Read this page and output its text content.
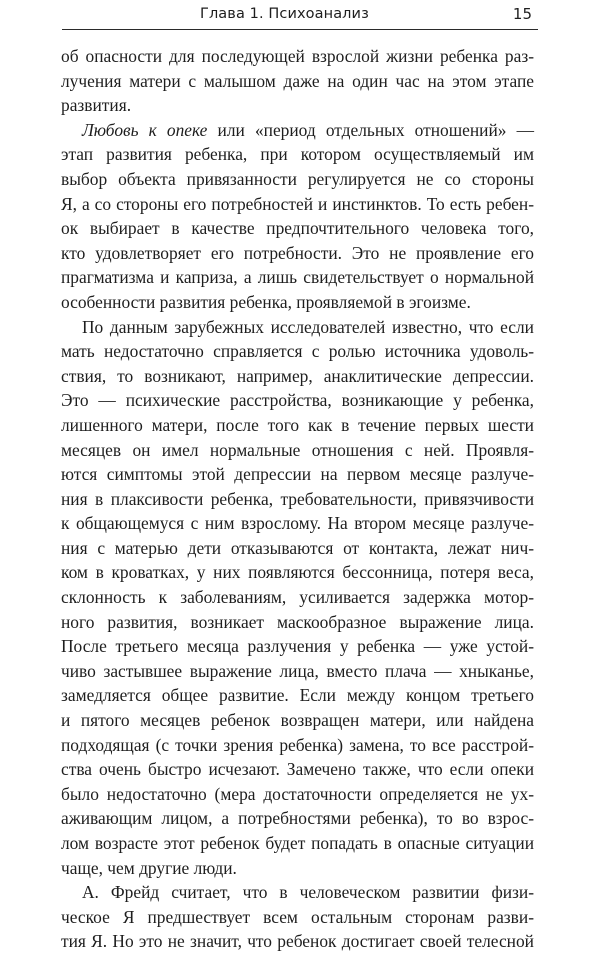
Глава 1. Психоанализ	15
об опасности для последующей взрослой жизни ребенка раз-
лучения матери с малышом даже на один час на этом этапе
развития.
Любовь к опеке или «период отдельных отношений» —
этап развития ребенка, при котором осуществляемый им
выбор объекта привязанности регулируется не со стороны
Я, а со стороны его потребностей и инстинктов. То есть ребен-
ок выбирает в качестве предпочтительного человека того,
кто удовлетворяет его потребности. Это не проявление его
прагматизма и каприза, а лишь свидетельствует о нормальной
особенности развития ребенка, проявляемой в эгоизме.
По данным зарубежных исследователей известно, что если
мать недостаточно справляется с ролью источника удоволь-
ствия, то возникают, например, анаклитические депрессии.
Это — психические расстройства, возникающие у ребенка,
лишенного матери, после того как в течение первых шести
месяцев он имел нормальные отношения с ней. Проявля-
ются симптомы этой депрессии на первом месяце разлуче-
ния в плаксивости ребенка, требовательности, привязчивости
к общающемуся с ним взрослому. На втором месяце разлуче-
ния с матерью дети отказываются от контакта, лежат нич-
ком в кроватках, у них появляются бессонница, потеря веса,
склонность к заболеваниям, усиливается задержка мотор-
ного развития, возникает маскообразное выражение лица.
После третьего месяца разлучения у ребенка — уже устой-
чиво застывшее выражение лица, вместо плача — хныканье,
замедляется общее развитие. Если между концом третьего
и пятого месяцев ребенок возвращен матери, или найдена
подходящая (с точки зрения ребенка) замена, то все расстрой-
ства очень быстро исчезают. Замечено также, что если опеки
было недостаточно (мера достаточности определяется не ух-
аживающим лицом, а потребностями ребенка), то во взрос-
лом возрасте этот ребенок будет попадать в опасные ситуации
чаще, чем другие люди.
А. Фрейд считает, что в человеческом развитии физи-
ческое Я предшествует всем остальным сторонам разви-
тия Я. Но это не значит, что ребенок достигает своей телесной
